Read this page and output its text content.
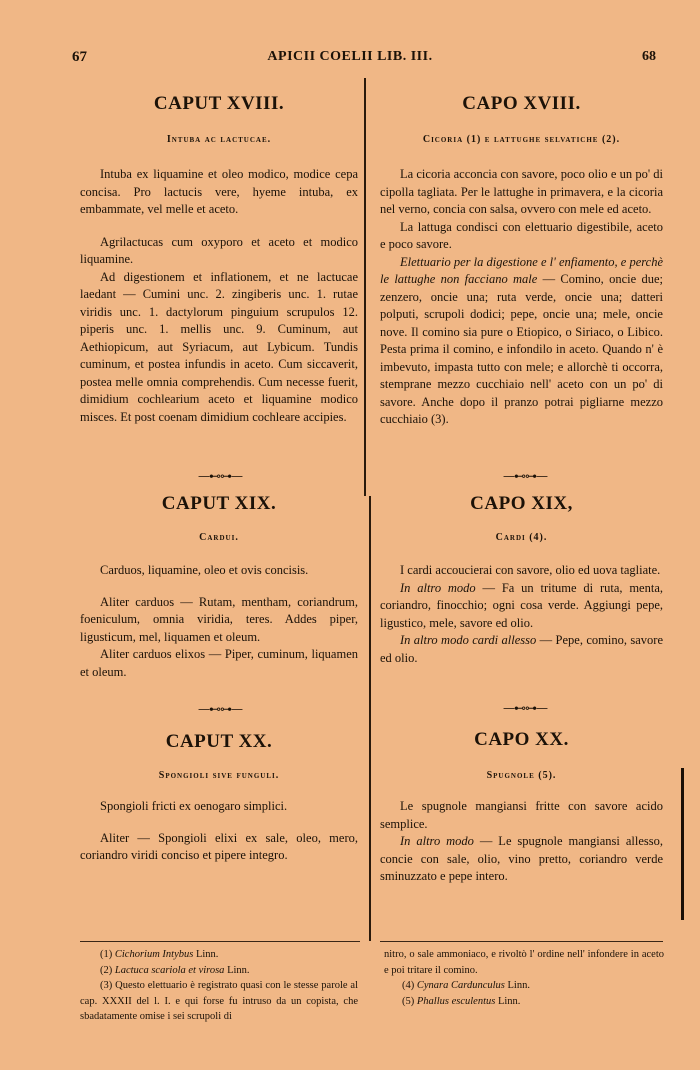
67	APICII COELII LIB. III.	68

CAPUT XVIII.

Intuba ac lactucae.

Intuba ex liquamine et oleo modico, modice cepa concisa. Pro lactucis vere, hyeme intuba, ex embammate, vel melle et aceto.

Agrilactucas cum oxyporo et aceto et modico liquamine.

Ad digestionem et inflationem, et ne lactucae laedant — Cumini unc. 2. zingiberis unc. 1. rutae viridis unc. 1. dactylorum pinguium scrupulos 12. piperis unc. 1. mellis unc. 9. Cuminum, aut Aethiopicum, aut Syriacum, aut Lybicum. Tundis cuminum, et postea infundis in aceto. Cum siccaverit, postea melle omnia comprehendis. Cum necesse fuerit, dimidium cochlearium aceto et liquamine modico misces. Et post coenam dimidium cochleare accipies.

—⊷⊶—

CAPUT XIX.

Cardui.

Carduos, liquamine, oleo et ovis concisis.

Aliter carduos — Rutam, mentham, coriandrum, foeniculum, omnia viridia, teres. Addes piper, ligusticum, mel, liquamen et oleum.

Aliter carduos elixos — Piper, cuminum, liquamen et oleum.

—⊷⊶—

CAPUT XX.

Spongioli sive funguli.

Spongioli fricti ex oenogaro simplici.

Aliter — Spongioli elixi ex sale, oleo, mero, coriandro viridi conciso et pipere integro.

CAPO XVIII.

Cicoria (1) e lattughe selvatiche (2).

La cicoria acconcia con savore, poco olio e un po' di cipolla tagliata. Per le lattughe in primavera, e la cicoria nel verno, concia con salsa, ovvero con mele ed aceto.

La lattuga condisci con elettuario digestibile, aceto e poco savore.

Elettuario per la digestione e l' enfiamento, e perchè le lattughe non facciano male — Comino, oncie due; zenzero, oncie una; ruta verde, oncie una; datteri polputi, scrupoli dodici; pepe, oncie una; mele, oncie nove. Il comino sia pure o Etiopico, o Siriaco, o Libico. Pesta prima il comino, e infondilo in aceto. Quando n' è imbevuto, impasta tutto con mele; e allorchè ti occorra, stemprane mezzo cucchiaio nell' aceto con un po' di savore. Anche dopo il pranzo potrai pigliarne mezzo cucchiaio (3).

—⊷⊶—

CAPO XIX,

Cardi (4).

I cardi accoucierai con savore, olio ed uova tagliate.

In altro modo — Fa un tritume di ruta, menta, coriandro, finocchio; ogni cosa verde. Aggiungi pepe, ligustico, mele, savore ed olio.

In altro modo cardi allesso — Pepe, comino, savore ed olio.

—⊷⊶—

CAPO XX.

Spugnole (5).

Le spugnole mangiansi fritte con savore acido semplice.

In altro modo — Le spugnole mangiansi allesso, concie con sale, olio, vino pretto, coriandro verde sminuzzato e pepe intero.

(1) Cichorium Intybus Linn.

(2) Lactuca scariola et virosa Linn.

(3) Questo elettuario è registrato quasi con le stesse parole al cap. XXXII del l. I. e qui forse fu intruso da un copista, che sbadatamente omise i sei scrupoli di

nitro, o sale ammoniaco, e rivoltò l' ordine nell' infondere in aceto e poi tritare il comino.

(4) Cynara Cardunculus Linn.

(5) Phallus esculentus Linn.
